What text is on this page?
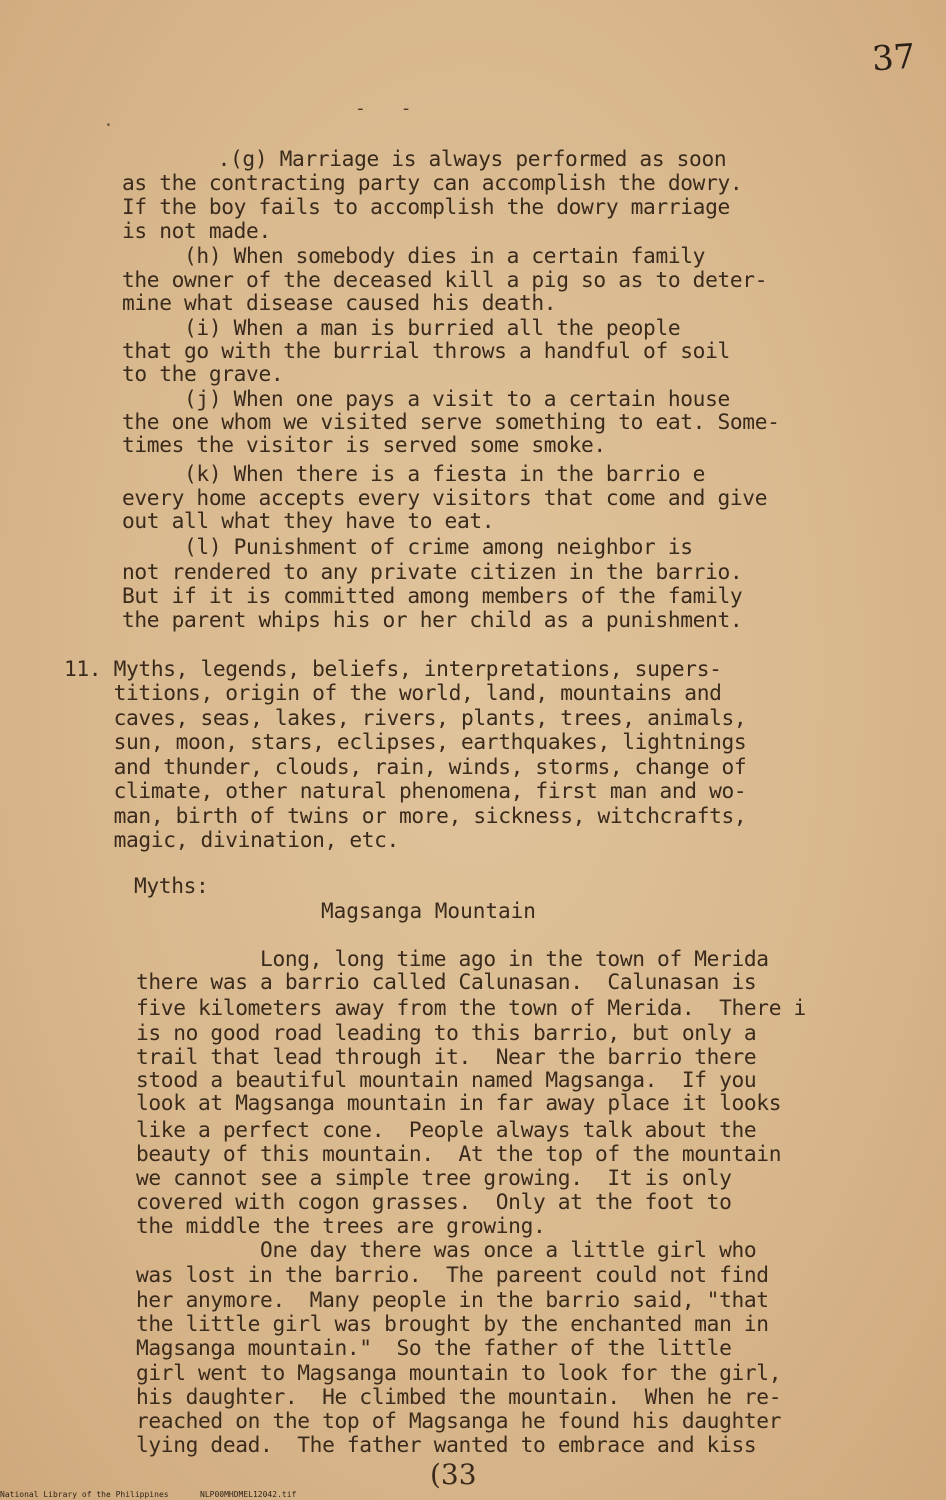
37
- -
.
.(g) Marriage is always performed as soon
as the contracting party can accomplish the dowry.
If the boy fails to accomplish the dowry marriage
is not made.
(h) When somebody dies in a certain family
the owner of the deceased kill a pig so as to deter-
mine what disease caused his death.
(i) When a man is burried all the people
that go with the burrial throws a handful of soil
to the grave.
(j) When one pays a visit to a certain house
the one whom we visited serve something to eat. Some-
times the visitor is served some smoke.
(k) When there is a fiesta in the barrio e
every home accepts every visitors that come and give
out all what they have to eat.
(l) Punishment of crime among neighbor is
not rendered to any private citizen in the barrio.
But if it is committed among members of the family
the parent whips his or her child as a punishment.
11. Myths, legends, beliefs, interpretations, supers-
titions, origin of the world, land, mountains and
caves, seas, lakes, rivers, plants, trees, animals,
sun, moon, stars, eclipses, earthquakes, lightnings
and thunder, clouds, rain, winds, storms, change of
climate, other natural phenomena, first man and wo-
man, birth of twins or more, sickness, witchcrafts,
magic, divination, etc.
Myths:
Magsanga Mountain
Long, long time ago in the town of Merida
there was a barrio called Calunasan.  Calunasan is
five kilometers away from the town of Merida.  There i
is no good road leading to this barrio, but only a
trail that lead through it.  Near the barrio there
stood a beautiful mountain named Magsanga.  If you
look at Magsanga mountain in far away place it looks
like a perfect cone.  People always talk about the
beauty of this mountain.  At the top of the mountain
we cannot see a simple tree growing.  It is only
covered with cogon grasses.  Only at the foot to
the middle the trees are growing.
One day there was once a little girl who
was lost in the barrio.  The pareent could not find
her anymore.  Many people in the barrio said, "that
the little girl was brought by the enchanted man in
Magsanga mountain."  So the father of the little
girl went to Magsanga mountain to look for the girl,
his daughter.  He climbed the mountain.  When he re-
reached on the top of Magsanga he found his daughter
lying dead.  The father wanted to embrace and kiss
(33
National Library of the Philippines	NLP00MHDMEL12042.tif
